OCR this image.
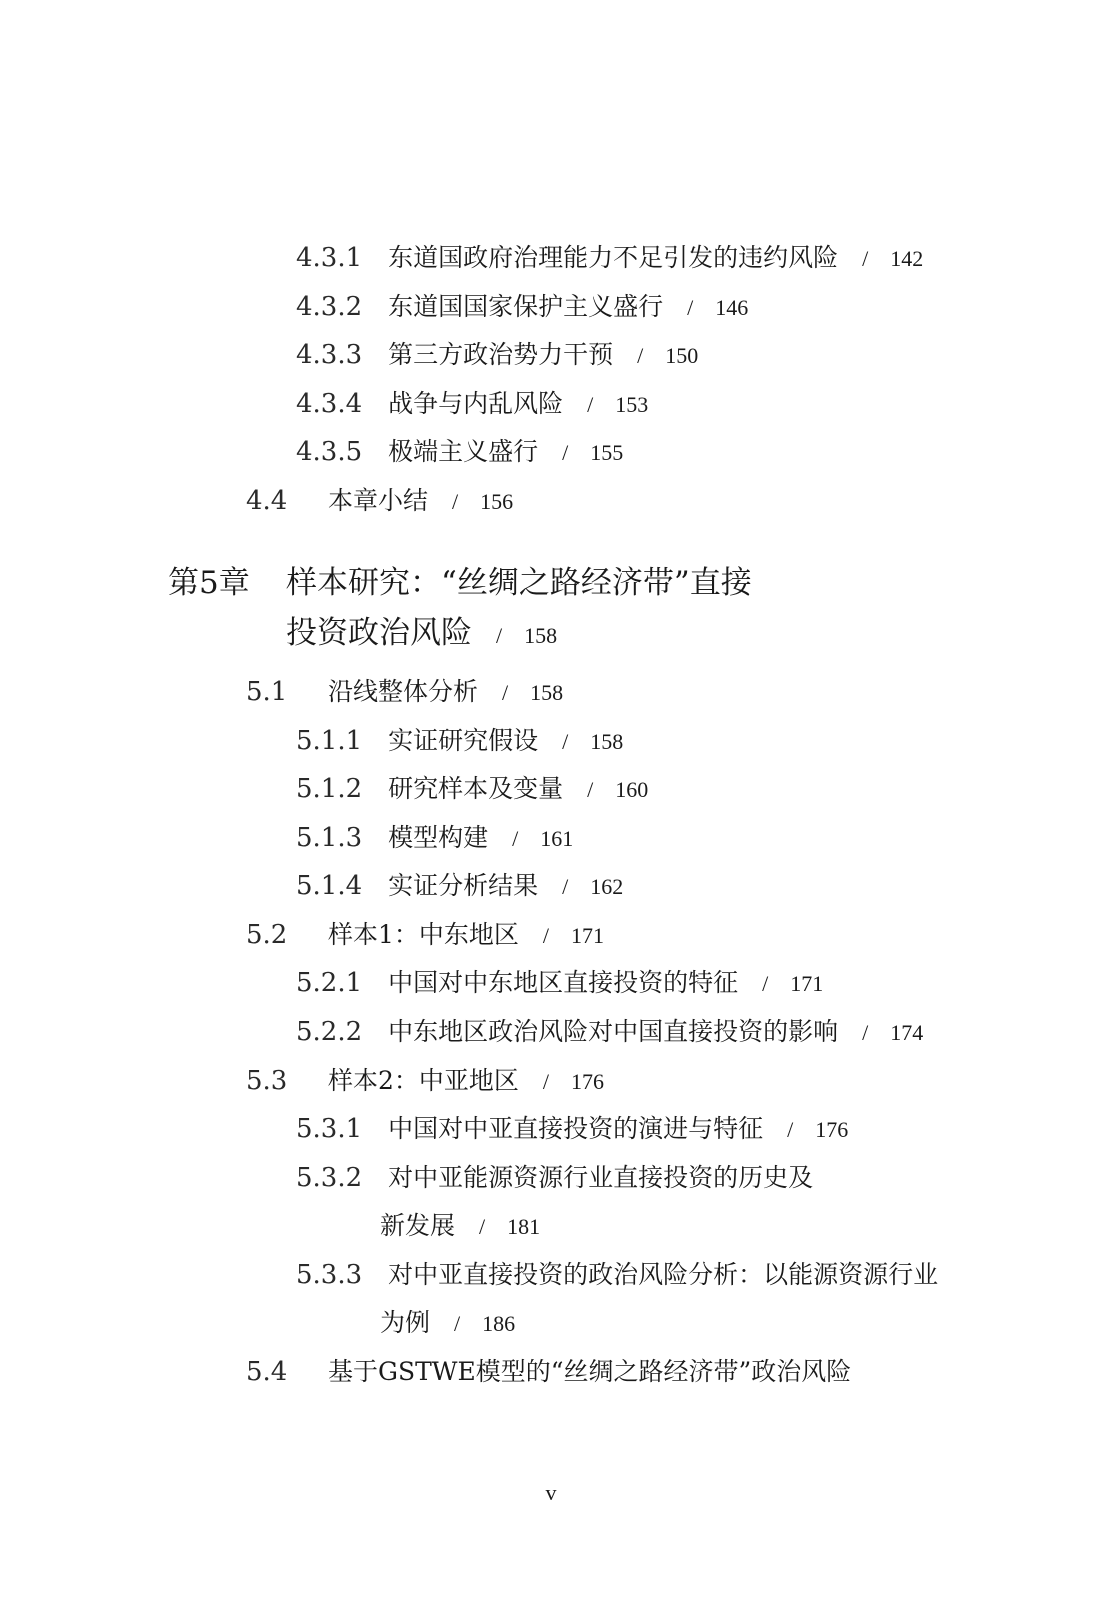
4.3.1 东道国政府治理能力不足引发的违约风险 / 142
4.3.2 东道国国家保护主义盛行 / 146
4.3.3 第三方政治势力干预 / 150
4.3.4 战争与内乱风险 / 153
4.3.5 极端主义盛行 / 155
4.4 本章小结 / 156
第5章 样本研究：“丝绸之路经济带”直接
投资政治风险 / 158
5.1 沿线整体分析 / 158
5.1.1 实证研究假设 / 158
5.1.2 研究样本及变量 / 160
5.1.3 模型构建 / 161
5.1.4 实证分析结果 / 162
5.2 样本1：中东地区 / 171
5.2.1 中国对中东地区直接投资的特征 / 171
5.2.2 中东地区政治风险对中国直接投资的影响 / 174
5.3 样本2：中亚地区 / 176
5.3.1 中国对中亚直接投资的演进与特征 / 176
5.3.2 对中亚能源资源行业直接投资的历史及
新发展 / 181
5.3.3 对中亚直接投资的政治风险分析：以能源资源行业
为例 / 186
5.4 基于GSTWE模型的“丝绸之路经济带”政治风险
v
